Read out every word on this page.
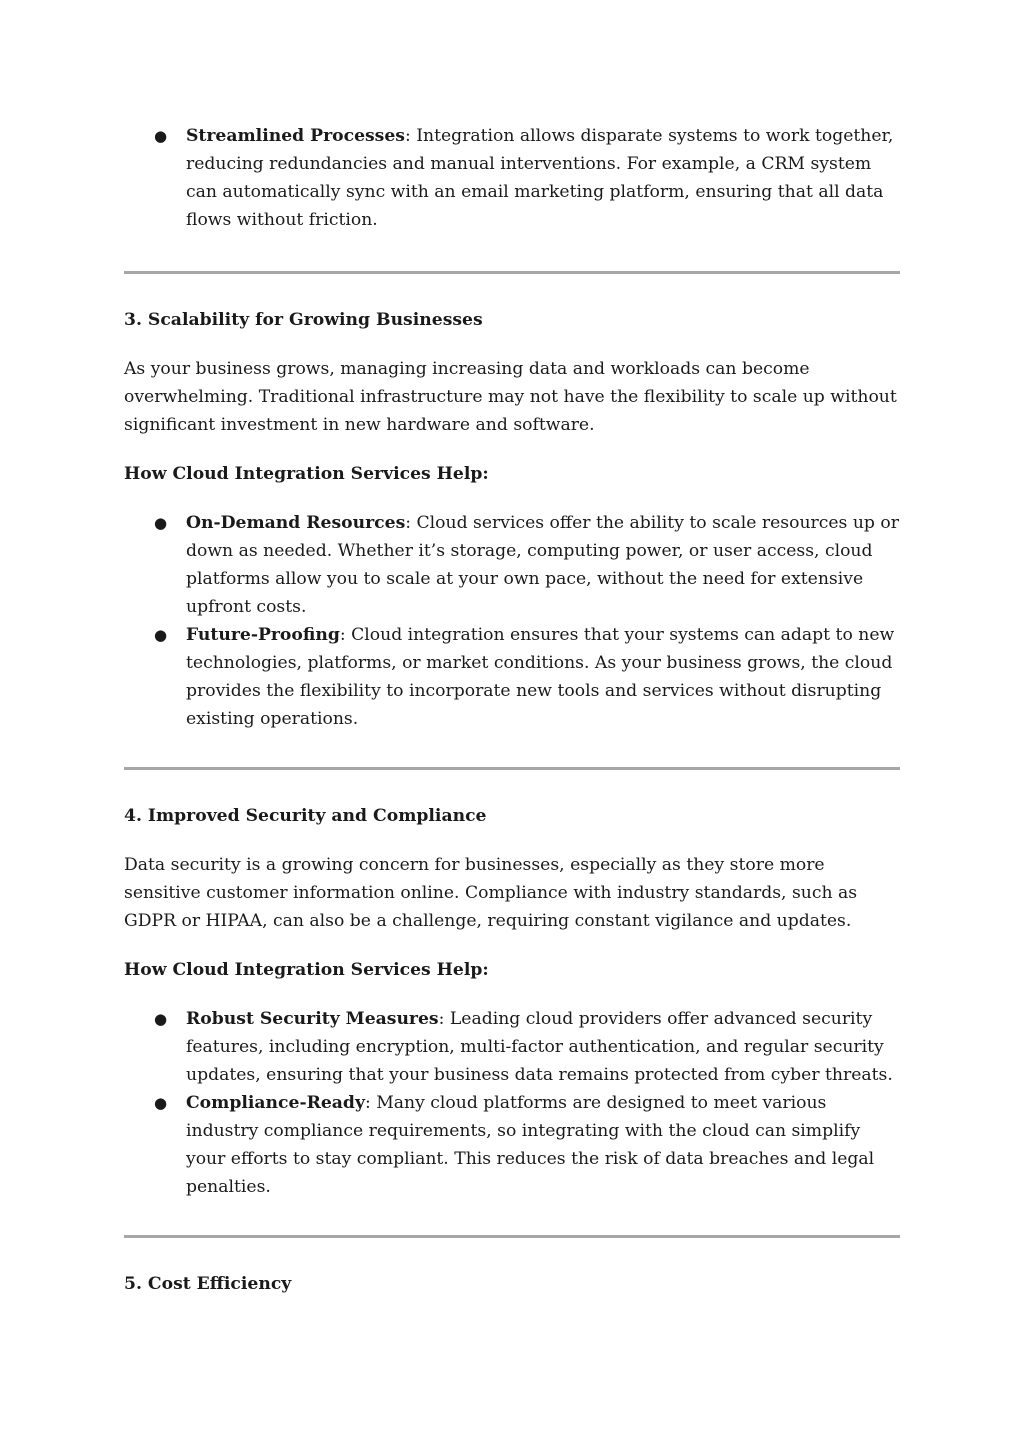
● Streamlined Processes: Integration allows disparate systems to work together, reducing redundancies and manual interventions. For example, a CRM system can automatically sync with an email marketing platform, ensuring that all data flows without friction.

3. Scalability for Growing Businesses

As your business grows, managing increasing data and workloads can become overwhelming. Traditional infrastructure may not have the flexibility to scale up without significant investment in new hardware and software.

How Cloud Integration Services Help:

● On-Demand Resources: Cloud services offer the ability to scale resources up or down as needed. Whether it’s storage, computing power, or user access, cloud platforms allow you to scale at your own pace, without the need for extensive upfront costs.
● Future-Proofing: Cloud integration ensures that your systems can adapt to new technologies, platforms, or market conditions. As your business grows, the cloud provides the flexibility to incorporate new tools and services without disrupting existing operations.

4. Improved Security and Compliance

Data security is a growing concern for businesses, especially as they store more sensitive customer information online. Compliance with industry standards, such as GDPR or HIPAA, can also be a challenge, requiring constant vigilance and updates.

How Cloud Integration Services Help:

● Robust Security Measures: Leading cloud providers offer advanced security features, including encryption, multi-factor authentication, and regular security updates, ensuring that your business data remains protected from cyber threats.
● Compliance-Ready: Many cloud platforms are designed to meet various industry compliance requirements, so integrating with the cloud can simplify your efforts to stay compliant. This reduces the risk of data breaches and legal penalties.

5. Cost Efficiency
